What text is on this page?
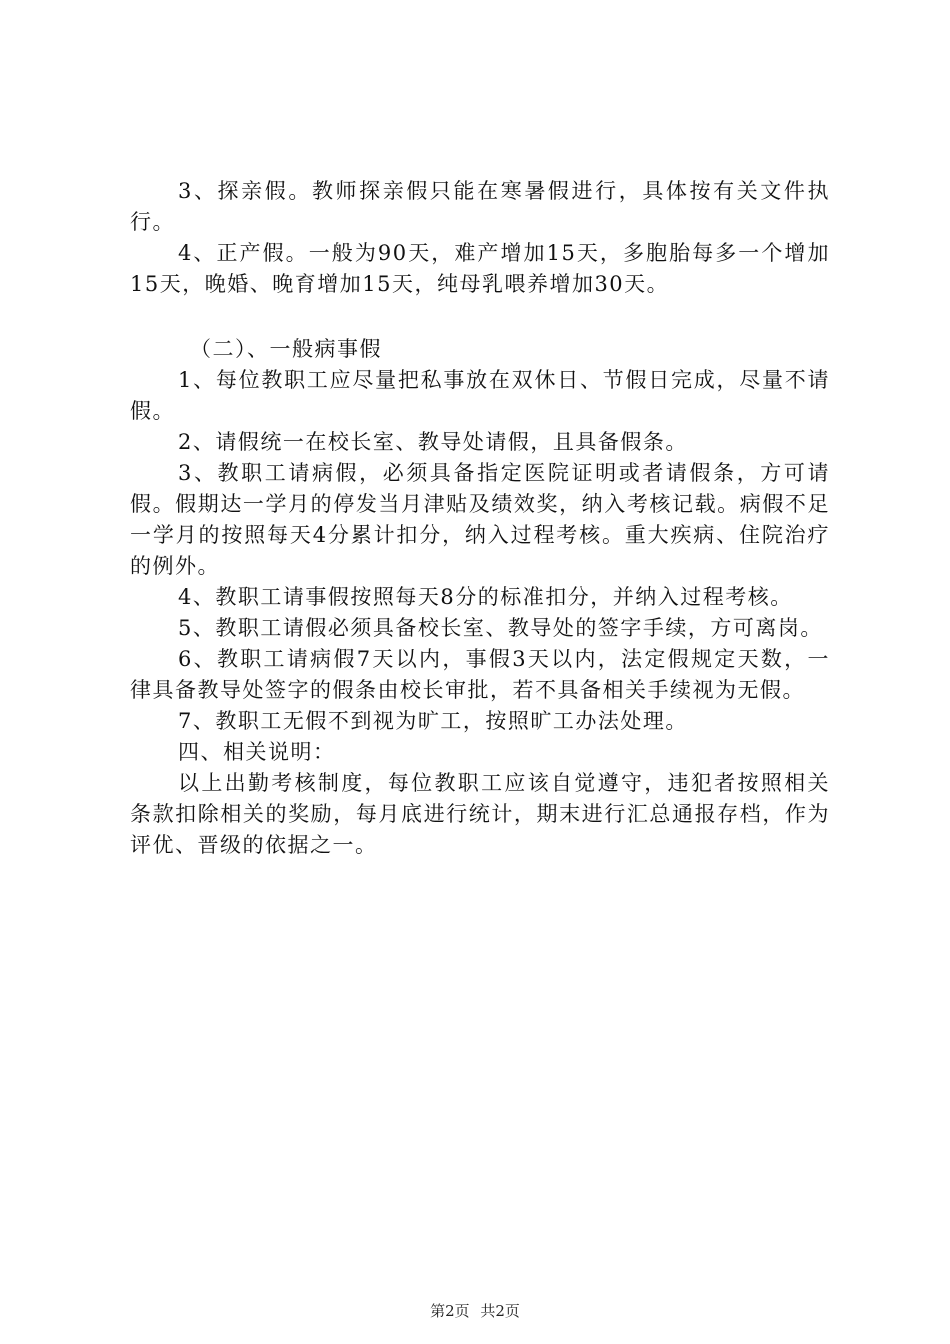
3、探亲假。教师探亲假只能在寒暑假进行，具体按有关文件执行。

4、正产假。一般为90天，难产增加15天，多胞胎每多一个增加15天，晚婚、晚育增加15天，纯母乳喂养增加30天。

（二）、一般病事假

1、每位教职工应尽量把私事放在双休日、节假日完成，尽量不请假。

2、请假统一在校长室、教导处请假，且具备假条。

3、教职工请病假，必须具备指定医院证明或者请假条，方可请假。假期达一学月的停发当月津贴及绩效奖，纳入考核记载。病假不足一学月的按照每天4分累计扣分，纳入过程考核。重大疾病、住院治疗的例外。

4、教职工请事假按照每天8分的标准扣分，并纳入过程考核。

5、教职工请假必须具备校长室、教导处的签字手续，方可离岗。

6、教职工请病假7天以内，事假3天以内，法定假规定天数，一律具备教导处签字的假条由校长审批，若不具备相关手续视为无假。

7、教职工无假不到视为旷工，按照旷工办法处理。

四、相关说明：

以上出勤考核制度，每位教职工应该自觉遵守，违犯者按照相关条款扣除相关的奖励，每月底进行统计，期末进行汇总通报存档，作为评优、晋级的依据之一。

第2页 共2页
